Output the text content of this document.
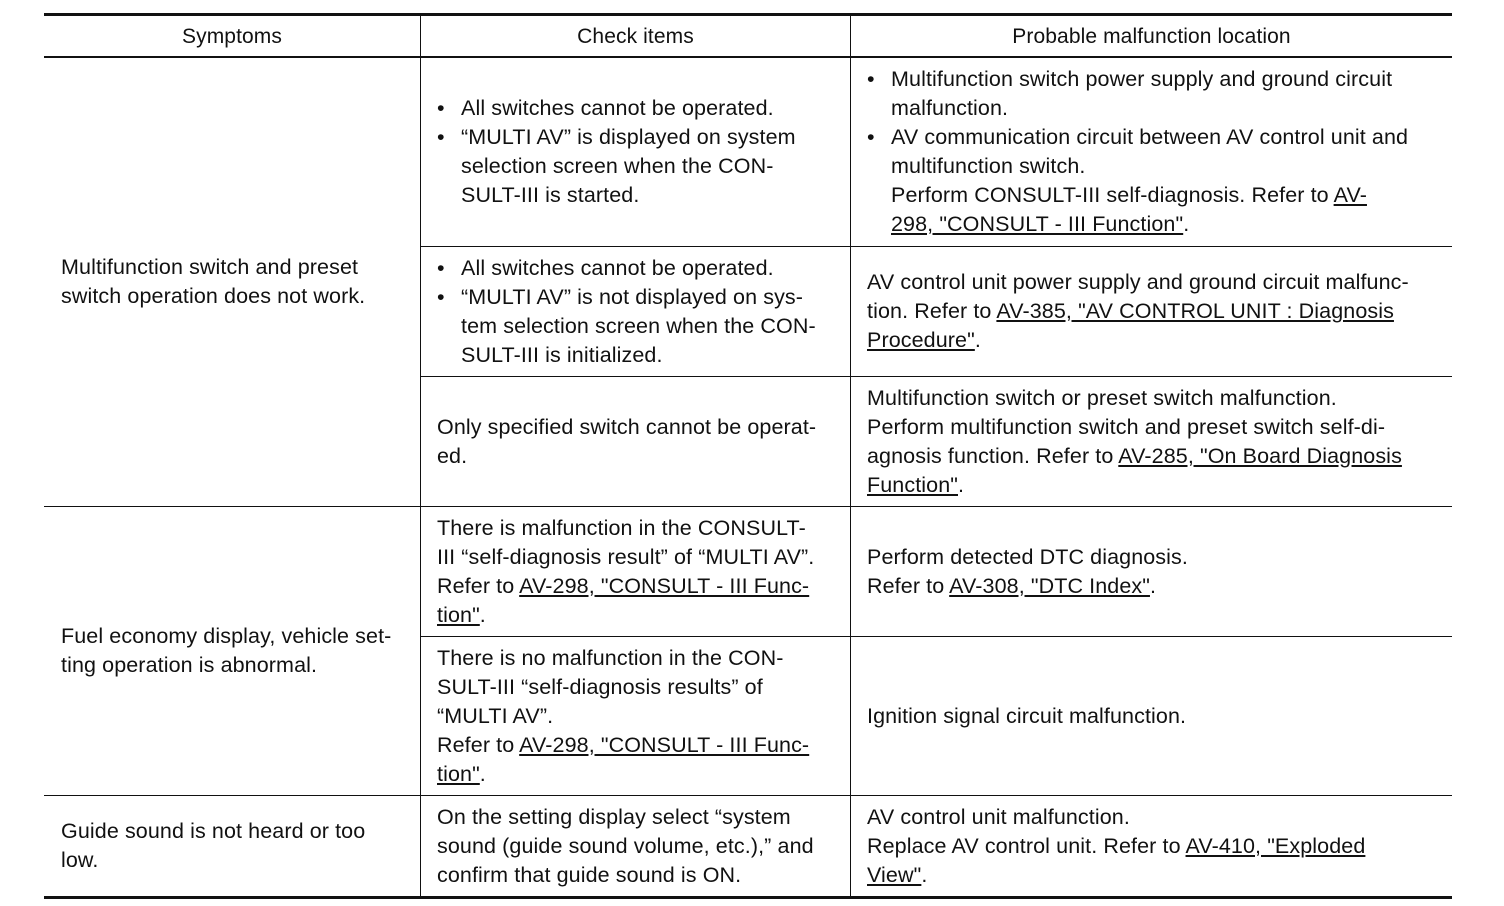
Symptoms	Check items	Probable malfunction location
Multifunction switch and preset
switch operation does not work.
• All switches cannot be operated.
• “MULTI AV” is displayed on system
selection screen when the CON-
SULT-III is started.
• Multifunction switch power supply and ground circuit
malfunction.
• AV communication circuit between AV control unit and
multifunction switch.
Perform CONSULT-III self-diagnosis. Refer to AV-
298, "CONSULT - III Function".
• All switches cannot be operated.
• “MULTI AV” is not displayed on sys-
tem selection screen when the CON-
SULT-III is initialized.
AV control unit power supply and ground circuit malfunc-
tion. Refer to AV-385, "AV CONTROL UNIT : Diagnosis
Procedure".
Only specified switch cannot be operat-
ed.
Multifunction switch or preset switch malfunction.
Perform multifunction switch and preset switch self-di-
agnosis function. Refer to AV-285, "On Board Diagnosis
Function".
Fuel economy display, vehicle set-
ting operation is abnormal.
There is malfunction in the CONSULT-
III “self-diagnosis result” of “MULTI AV”.
Refer to AV-298, "CONSULT - III Func-
tion".
Perform detected DTC diagnosis.
Refer to AV-308, "DTC Index".
There is no malfunction in the CON-
SULT-III “self-diagnosis results” of
“MULTI AV”.
Refer to AV-298, "CONSULT - III Func-
tion".
Ignition signal circuit malfunction.
Guide sound is not heard or too
low.
On the setting display select “system
sound (guide sound volume, etc.),” and
confirm that guide sound is ON.
AV control unit malfunction.
Replace AV control unit. Refer to AV-410, "Exploded
View".
